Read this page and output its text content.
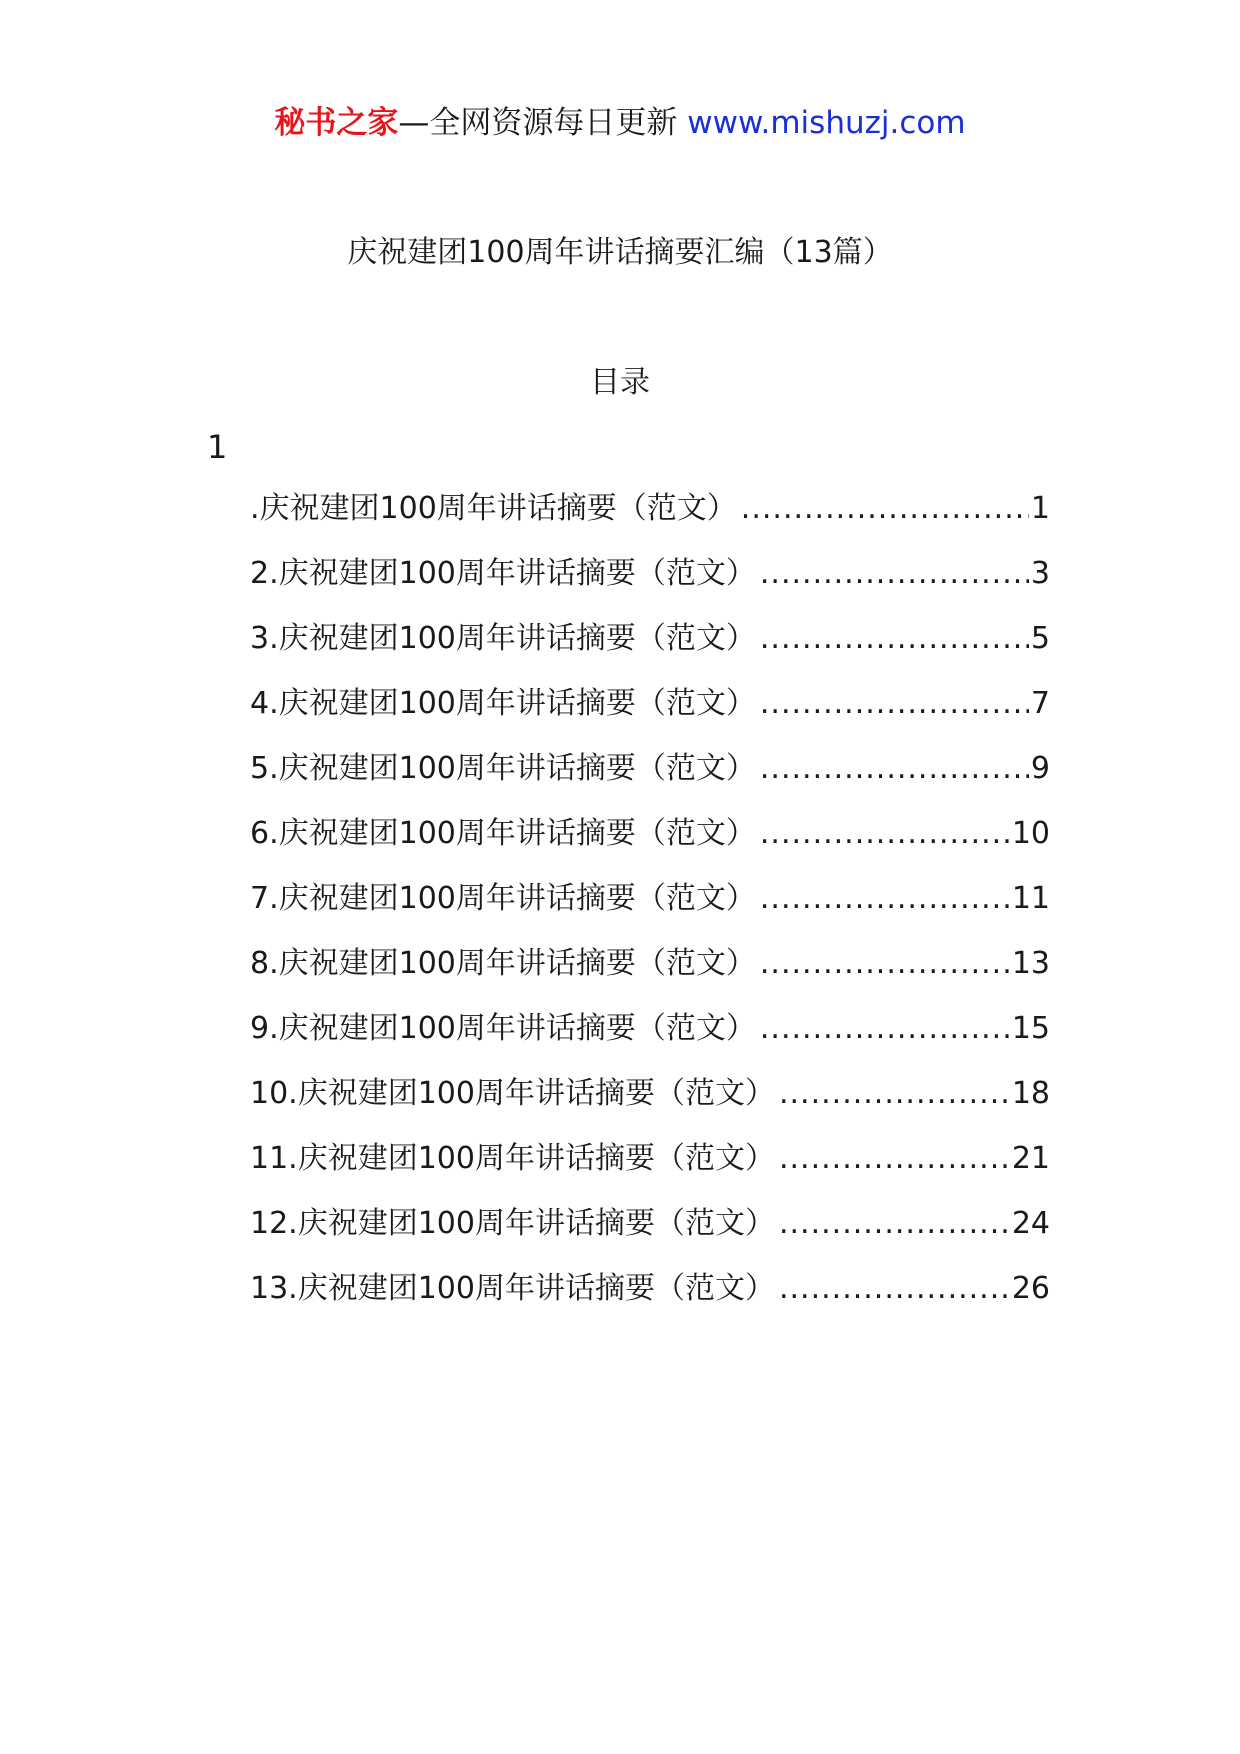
秘书之家—全网资源每日更新 www.mishuzj.com
庆祝建团100周年讲话摘要汇编（13篇）
目录
1
.庆祝建团100周年讲话摘要（范文） .....	1
2.庆祝建团100周年讲话摘要（范文） .....	3
3.庆祝建团100周年讲话摘要（范文） .....	5
4.庆祝建团100周年讲话摘要（范文） .....	7
5.庆祝建团100周年讲话摘要（范文） .....	9
6.庆祝建团100周年讲话摘要（范文） .....	10
7.庆祝建团100周年讲话摘要（范文） .....	11
8.庆祝建团100周年讲话摘要（范文） .....	13
9.庆祝建团100周年讲话摘要（范文） .....	15
10.庆祝建团100周年讲话摘要（范文） .....	18
11.庆祝建团100周年讲话摘要（范文） .....	21
12.庆祝建团100周年讲话摘要（范文） .....	24
13.庆祝建团100周年讲话摘要（范文） .....	26
